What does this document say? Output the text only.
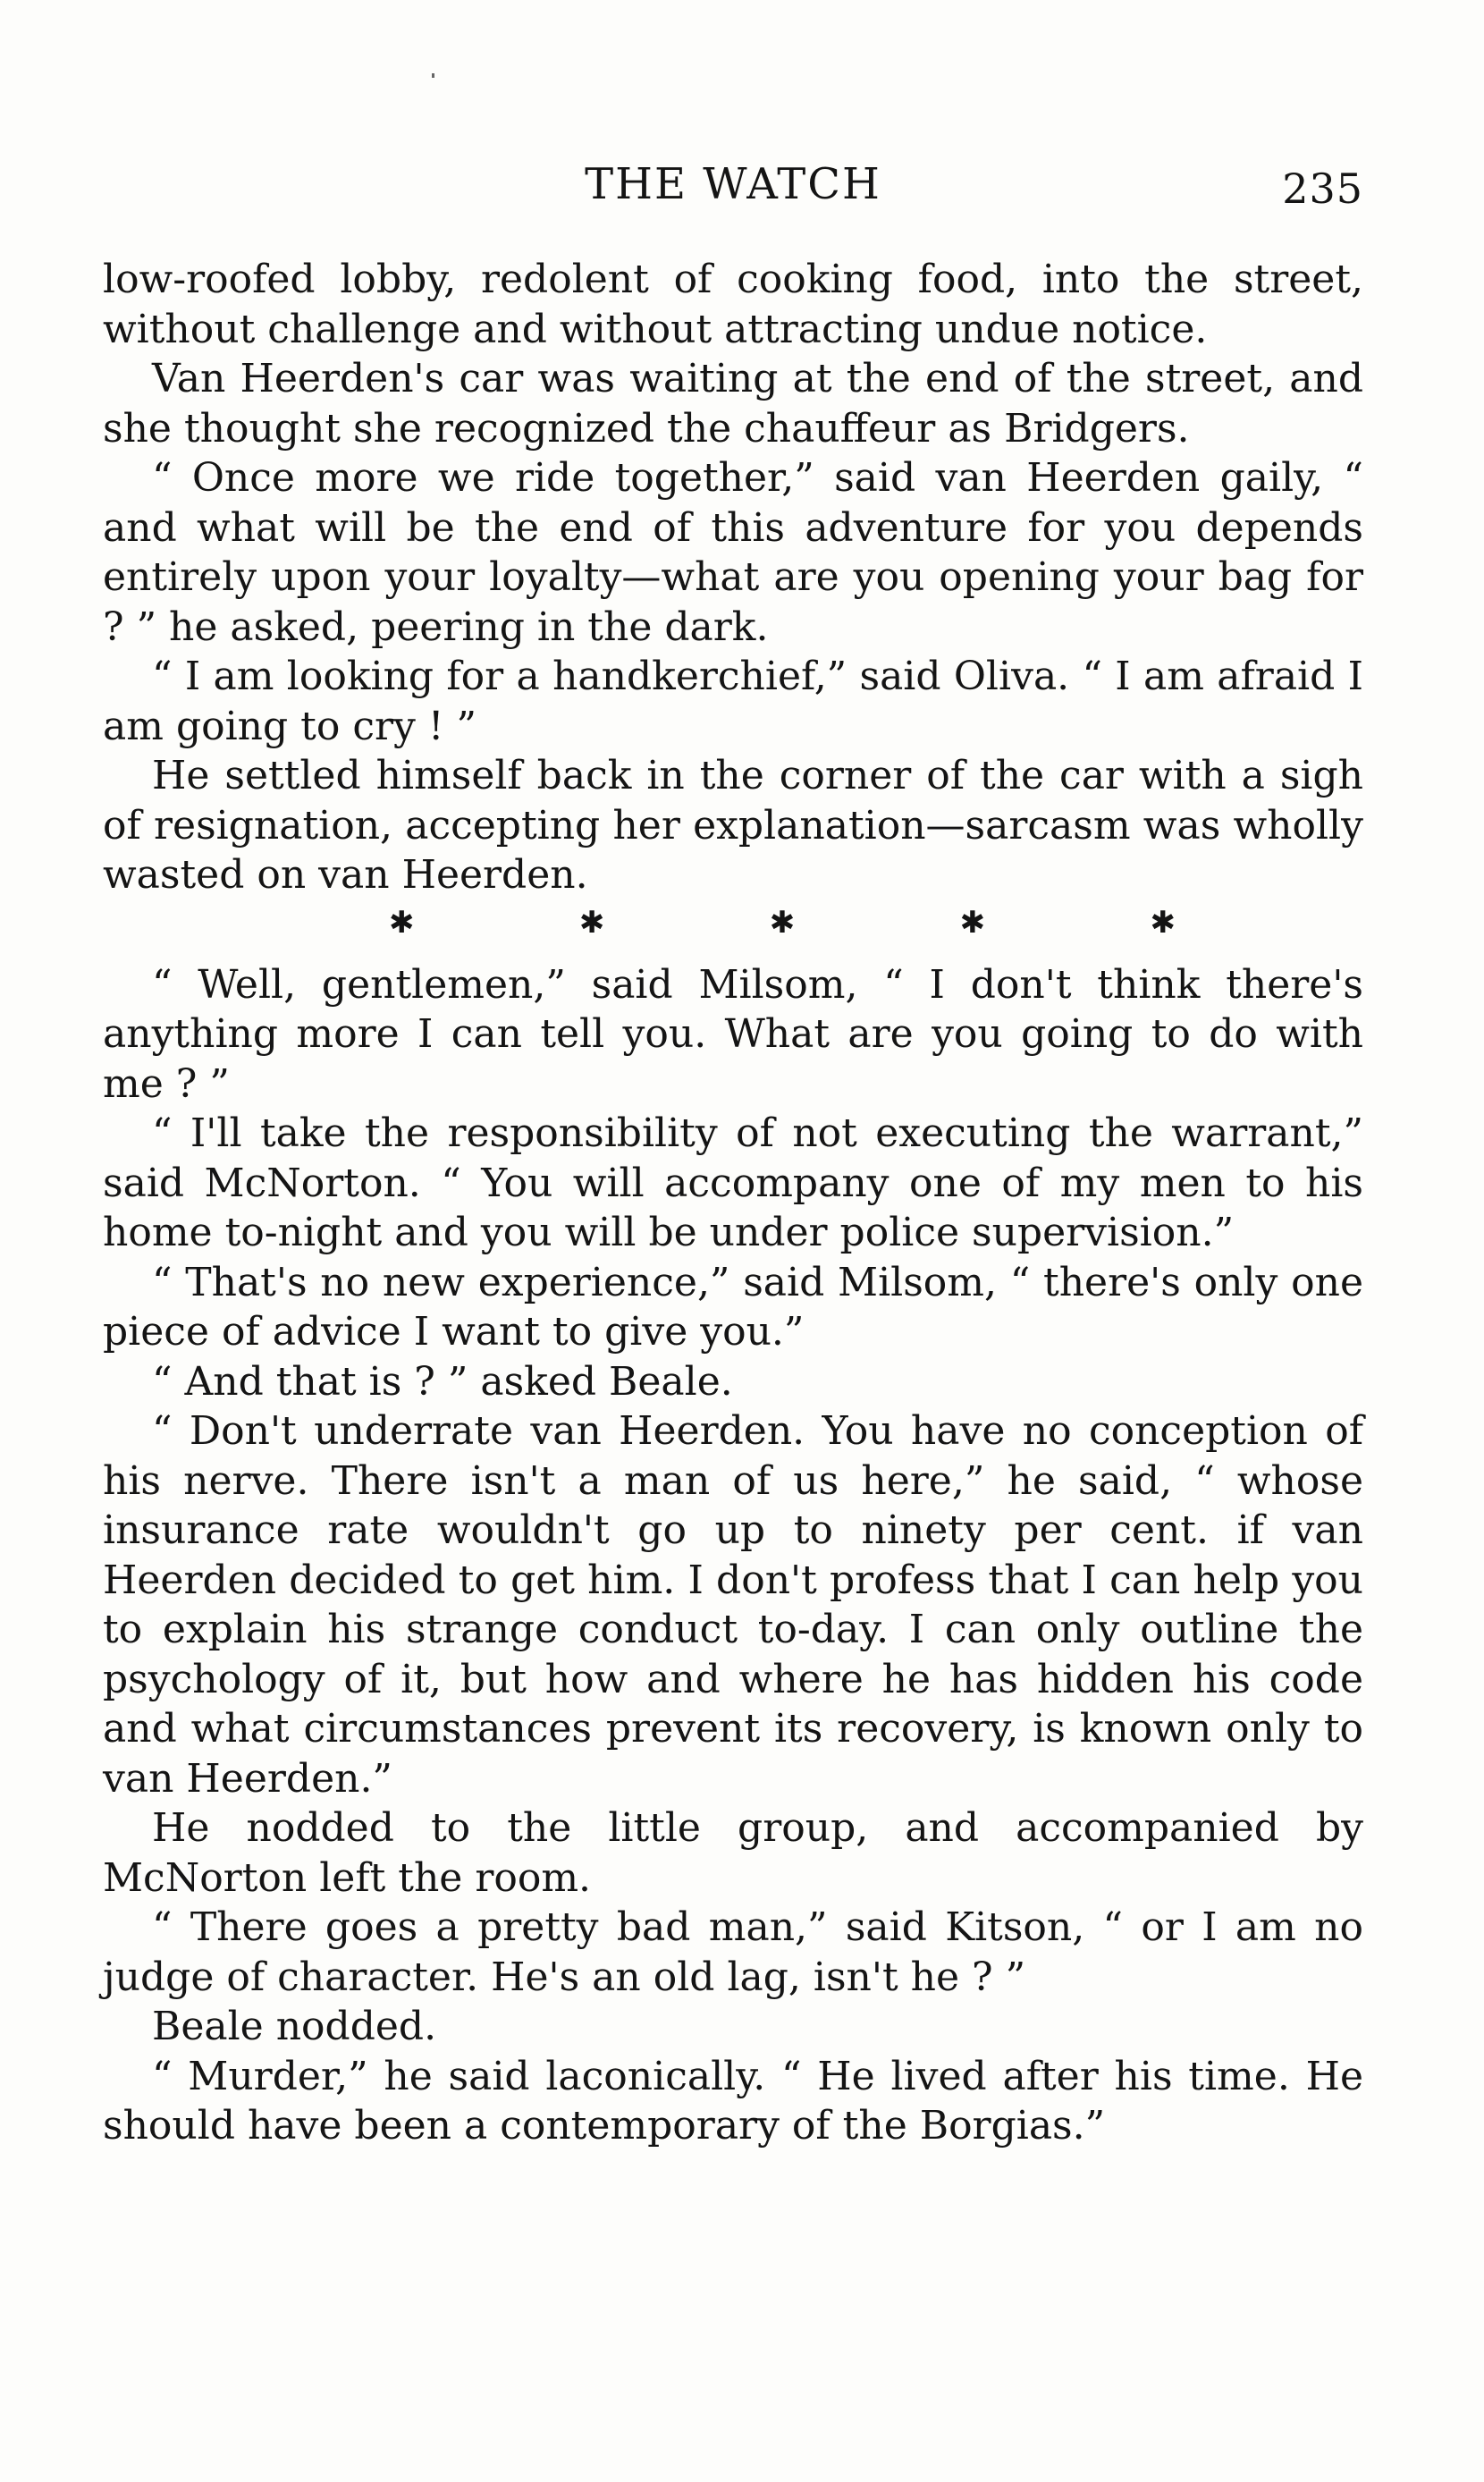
THE WATCH	235

low-roofed lobby, redolent of cooking food, into the street, without challenge and without attracting undue notice.

Van Heerden's car was waiting at the end of the street, and she thought she recognized the chauffeur as Bridgers.

“ Once more we ride together,” said van Heerden gaily, “ and what will be the end of this adventure for you depends entirely upon your loyalty—what are you opening your bag for ? ” he asked, peering in the dark.

“ I am looking for a handkerchief,” said Oliva. “ I am afraid I am going to cry ! ”

He settled himself back in the corner of the car with a sigh of resignation, accepting her explanation—sarcasm was wholly wasted on van Heerden.

✱	✱	✱	✱	✱

“ Well, gentlemen,” said Milsom, “ I don't think there's anything more I can tell you. What are you going to do with me ? ”

“ I'll take the responsibility of not executing the warrant,” said McNorton. “ You will accompany one of my men to his home to-night and you will be under police supervision.”

“ That's no new experience,” said Milsom, “ there's only one piece of advice I want to give you.”

“ And that is ? ” asked Beale.

“ Don't underrate van Heerden. You have no conception of his nerve. There isn't a man of us here,” he said, “ whose insurance rate wouldn't go up to ninety per cent. if van Heerden decided to get him. I don't profess that I can help you to explain his strange conduct to-day. I can only outline the psychology of it, but how and where he has hidden his code and what circumstances prevent its recovery, is known only to van Heerden.”

He nodded to the little group, and accompanied by McNorton left the room.

“ There goes a pretty bad man,” said Kitson, “ or I am no judge of character. He's an old lag, isn't he ? ”

Beale nodded.

“ Murder,” he said laconically. “ He lived after his time. He should have been a contemporary of the Borgias.”
